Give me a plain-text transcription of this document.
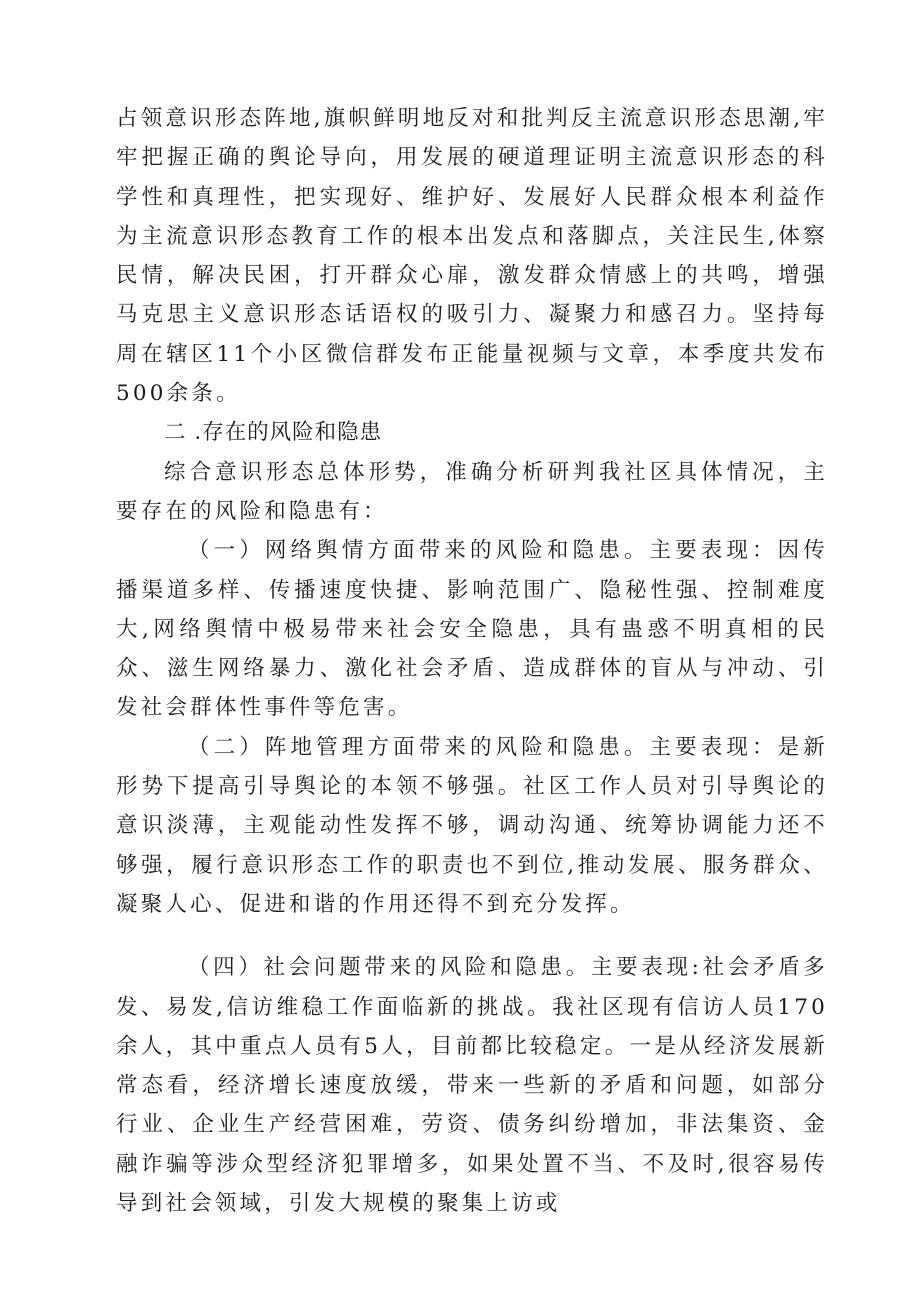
占领意识形态阵地,旗帜鲜明地反对和批判反主流意识形态思潮,牢牢把握正确的舆论导向，用发展的硬道理证明主流意识形态的科学性和真理性，把实现好、维护好、发展好人民群众根本利益作为主流意识形态教育工作的根本出发点和落脚点，关注民生,体察民情，解决民困，打开群众心扉，激发群众情感上的共鸣，增强马克思主义意识形态话语权的吸引力、凝聚力和感召力。坚持每周在辖区11个小区微信群发布正能量视频与文章，本季度共发布500余条。

二 .存在的风险和隐患

综合意识形态总体形势，准确分析研判我社区具体情况，主要存在的风险和隐患有：

（一）网络舆情方面带来的风险和隐患。主要表现：因传播渠道多样、传播速度快捷、影响范围广、隐秘性强、控制难度大,网络舆情中极易带来社会安全隐患，具有蛊惑不明真相的民众、滋生网络暴力、激化社会矛盾、造成群体的盲从与冲动、引发社会群体性事件等危害。

（二）阵地管理方面带来的风险和隐患。主要表现：是新形势下提高引导舆论的本领不够强。社区工作人员对引导舆论的意识淡薄，主观能动性发挥不够，调动沟通、统筹协调能力还不够强，履行意识形态工作的职责也不到位,推动发展、服务群众、凝聚人心、促进和谐的作用还得不到充分发挥。

（四）社会问题带来的风险和隐患。主要表现:社会矛盾多发、易发,信访维稳工作面临新的挑战。我社区现有信访人员170余人，其中重点人员有5人，目前都比较稳定。一是从经济发展新常态看，经济增长速度放缓，带来一些新的矛盾和问题，如部分行业、企业生产经营困难，劳资、债务纠纷增加，非法集资、金融诈骗等涉众型经济犯罪增多，如果处置不当、不及时,很容易传导到社会领域，引发大规模的聚集上访或
